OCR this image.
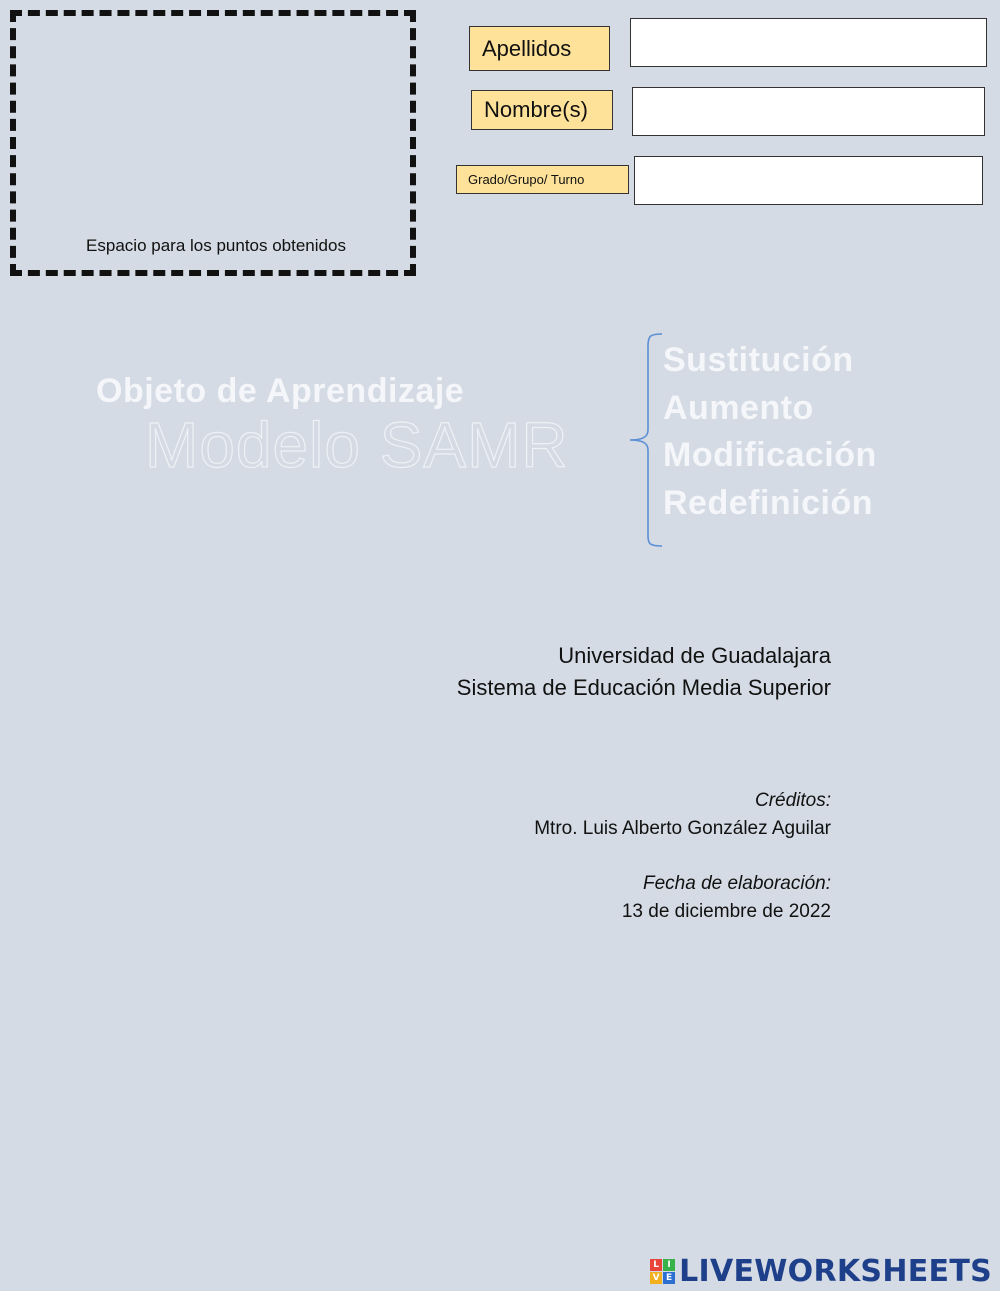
Espacio para los puntos obtenidos
Apellidos
Nombre(s)
Grado/Grupo/ Turno
Objeto de Aprendizaje
Modelo SAMR
Sustitución
Aumento
Modificación
Redefinición
Universidad de Guadalajara
Sistema de Educación Media Superior
Créditos:
Mtro. Luis Alberto González Aguilar
Fecha de elaboración:
13 de diciembre de 2022
L I
V E LIVEWORKSHEETS
